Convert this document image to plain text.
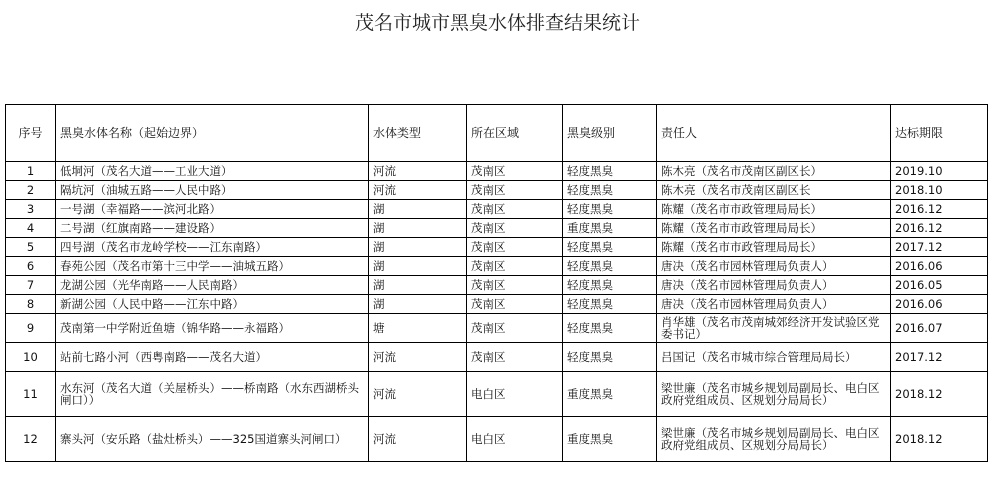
茂名市城市黑臭水体排查结果统计
序号	黑臭水体名称（起始边界）	水体类型	所在区域	黑臭级别	责任人	达标期限
1	低垌河（茂名大道——工业大道）	河流	茂南区	轻度黑臭	陈木亮（茂名市茂南区副区长）	2019.10
2	隔坑河（油城五路——人民中路）	河流	茂南区	轻度黑臭	陈木亮（茂名市茂南区副区长	2018.10
3	一号湖（幸福路——滨河北路）	湖	茂南区	轻度黑臭	陈耀（茂名市市政管理局局长）	2016.12
4	二号湖（红旗南路——建设路）	湖	茂南区	重度黑臭	陈耀（茂名市市政管理局局长）	2016.12
5	四号湖（茂名市龙岭学校——江东南路）	湖	茂南区	轻度黑臭	陈耀（茂名市市政管理局局长）	2017.12
6	春苑公园（茂名市第十三中学——油城五路）	湖	茂南区	轻度黑臭	唐决（茂名市园林管理局负责人）	2016.06
7	龙湖公园（光华南路——人民南路）	湖	茂南区	轻度黑臭	唐决（茂名市园林管理局负责人）	2016.05
8	新湖公园（人民中路——江东中路）	湖	茂南区	轻度黑臭	唐决（茂名市园林管理局负责人）	2016.06
9	茂南第一中学附近鱼塘（锦华路——永福路）	塘	茂南区	轻度黑臭	肖华雄（茂名市茂南城郊经济开发试验区党委书记）	2016.07
10	站前七路小河（西粤南路——茂名大道）	河流	茂南区	轻度黑臭	吕国记（茂名市城市综合管理局局长）	2017.12
11	水东河（茂名大道（关屋桥头）——桥南路（水东西湖桥头闸口））	河流	电白区	重度黑臭	梁世廉（茂名市城乡规划局副局长、电白区政府党组成员、区规划分局局长）	2018.12
12	寨头河（安乐路（盐灶桥头）——325国道寨头河闸口）	河流	电白区	重度黑臭	梁世廉（茂名市城乡规划局副局长、电白区政府党组成员、区规划分局局长）	2018.12
